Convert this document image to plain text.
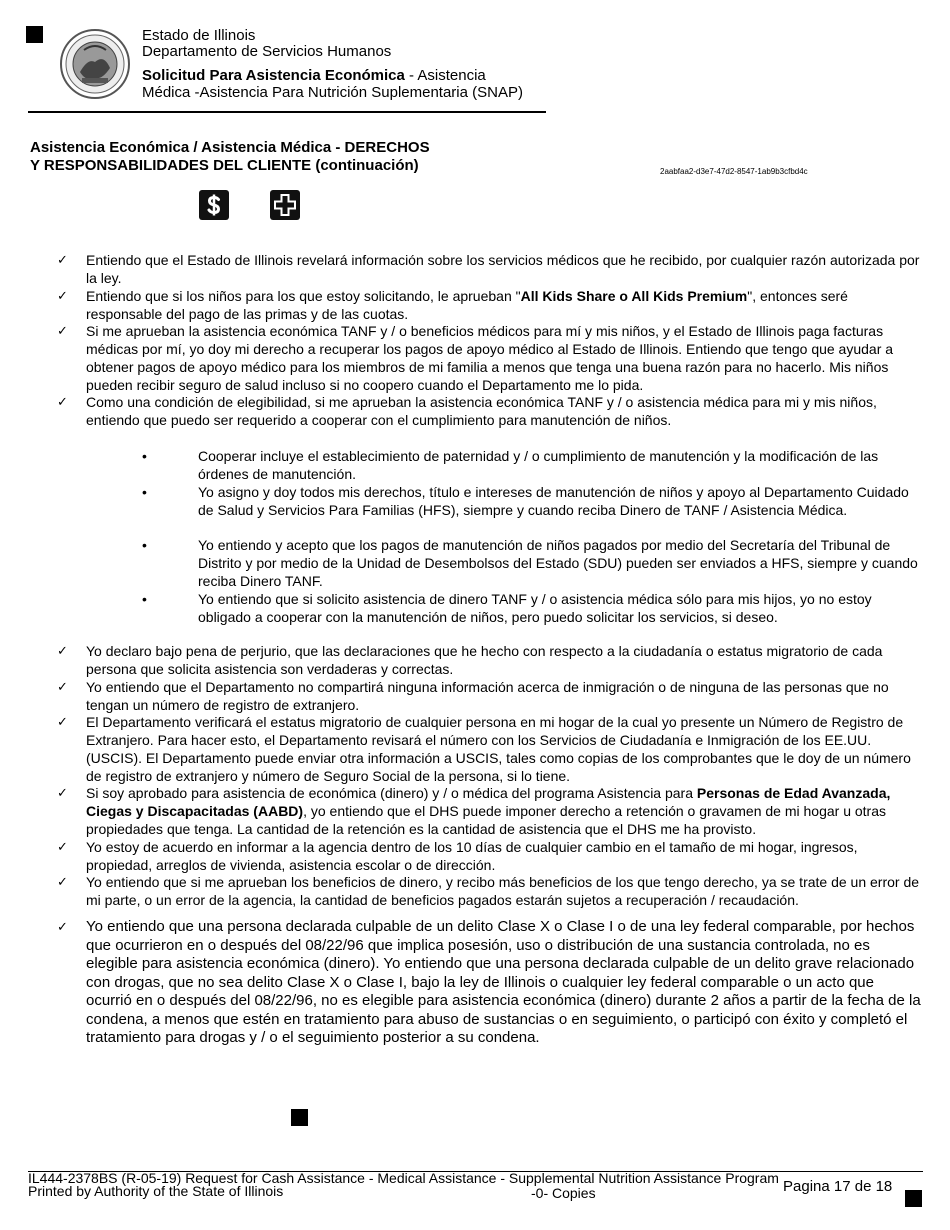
Estado de Illinois
Departamento de Servicios Humanos
Solicitud Para Asistencia Económica - Asistencia
Médica -Asistencia Para Nutrición Suplementaria (SNAP)
Asistencia Económica / Asistencia Médica - DERECHOS
Y RESPONSABILIDADES DEL CLIENTE (continuación)	2aabfaa2-d3e7-47d2-8547-1ab9b3cfbd4c
✓ Entiendo que el Estado de Illinois revelará información sobre los servicios médicos que he recibido, por cualquier razón autorizada por la ley.
✓ Entiendo que si los niños para los que estoy solicitando, le aprueban "All Kids Share o All Kids Premium", entonces seré responsable del pago de las primas y de las cuotas.
✓ Si me aprueban la asistencia económica TANF y / o beneficios médicos para mí y mis niños, y el Estado de Illinois paga facturas médicas por mí, yo doy mi derecho a recuperar los pagos de apoyo médico al Estado de Illinois. Entiendo que tengo que ayudar a obtener pagos de apoyo médico para los miembros de mi familia a menos que tenga una buena razón para no hacerlo. Mis niños pueden recibir seguro de salud incluso si no coopero cuando el Departamento me lo pida.
✓ Como una condición de elegibilidad, si me aprueban la asistencia económica TANF y / o asistencia médica para mi y mis niños, entiendo que puedo ser requerido a cooperar con el cumplimiento para manutención de niños.
•	Cooperar incluye el establecimiento de paternidad y / o cumplimiento de manutención y la modificación de las órdenes de manutención.
•	Yo asigno y doy todos mis derechos, título e intereses de manutención de niños y apoyo al Departamento Cuidado de Salud y Servicios Para Familias (HFS), siempre y cuando reciba Dinero de TANF / Asistencia Médica.
•	Yo entiendo y acepto que los pagos de manutención de niños pagados por medio del Secretaría del Tribunal de Distrito y por medio de la Unidad de Desembolsos del Estado (SDU) pueden ser enviados a HFS, siempre y cuando reciba Dinero TANF.
•	Yo entiendo que si solicito asistencia de dinero TANF y / o asistencia médica sólo para mis hijos, yo no estoy obligado a cooperar con la manutención de niños, pero puedo solicitar los servicios, si deseo.
✓ Yo declaro bajo pena de perjurio, que las declaraciones que he hecho con respecto a la ciudadanía o estatus migratorio de cada persona que solicita asistencia son verdaderas y correctas.
✓ Yo entiendo que el Departamento no compartirá ninguna información acerca de inmigración o de ninguna de las personas que no tengan un número de registro de extranjero.
✓ El Departamento verificará el estatus migratorio de cualquier persona en mi hogar de la cual yo presente un Número de Registro de Extranjero. Para hacer esto, el Departamento revisará el número con los Servicios de Ciudadanía e Inmigración de los EE.UU. (USCIS). El Departamento puede enviar otra información a USCIS, tales como copias de los comprobantes que le doy de un número de registro de extranjero y número de Seguro Social de la persona, si lo tiene.
✓ Si soy aprobado para asistencia de económica (dinero) y / o médica del programa Asistencia para Personas de Edad Avanzada, Ciegas y Discapacitadas (AABD), yo entiendo que el DHS puede imponer derecho a retención o gravamen de mi hogar u otras propiedades que tenga. La cantidad de la retención es la cantidad de asistencia que el DHS me ha provisto.
✓ Yo estoy de acuerdo en informar a la agencia dentro de los 10 días de cualquier cambio en el tamaño de mi hogar, ingresos, propiedad, arreglos de vivienda, asistencia escolar o de dirección.
✓ Yo entiendo que si me aprueban los beneficios de dinero, y recibo más beneficios de los que tengo derecho, ya se trate de un error de mi parte, o un error de la agencia, la cantidad de beneficios pagados estarán sujetos a recuperación / recaudación.
✓ Yo entiendo que una persona declarada culpable de un delito Clase X o Clase I o de una ley federal comparable, por hechos que ocurrieron en o después del 08/22/96 que implica posesión, uso o distribución de una sustancia controlada, no es elegible para asistencia económica (dinero). Yo entiendo que una persona declarada culpable de un delito grave relacionado con drogas, que no sea delito Clase X o Clase I, bajo la ley de Illinois o cualquier ley federal comparable o un acto que ocurrió en o después del 08/22/96, no es elegible para asistencia económica (dinero) durante 2 años a partir de la fecha de la condena, a menos que estén en tratamiento para abuso de sustancias o en seguimiento, o participó con éxito y completó el tratamiento para drogas y / o el seguimiento posterior a su condena.
IL444-2378BS (R-05-19) Request for Cash Assistance - Medical Assistance - Supplemental Nutrition Assistance Program
Printed by Authority of the State of Illinois	-0- Copies	Pagina 17 de 18
